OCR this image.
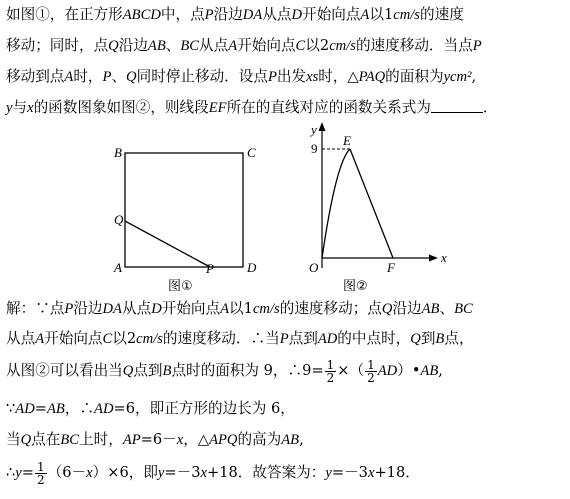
如图①，在正方形ABCD中，点P沿边DA从点D开始向点A以1cm/s的速度
移动；同时，点Q沿边AB、BC从点A开始向点C以2cm/s的速度移动．当点P
移动到点A时，P、Q同时停止移动．设点P出发xs时，△PAQ的面积为ycm²,
y与x的函数图象如图②，则线段EF所在的直线对应的函数关系式为	．
B	C
Q
A	P	D
图①
y
x
E
9
O	F
图②
解：∵点P沿边DA从点D开始向点A以1cm/s的速度移动；点Q沿边AB、BC
从点A开始向点C以2cm/s的速度移动．∴当P点到AD的中点时，Q到B点，
从图②可以看出当Q点到B点时的面积为 9，∴9= $\frac{1}{2}$ ×（ $\frac{1}{2}$ AD）•AB,
∵AD=AB，∴AD=6，即正方形的边长为 6，
当Q点在BC上时，AP=6－x，△APQ的高为AB,
∴y= $\frac{1}{2} (6-x)\times 6$，即y=－3x+18．故答案为：y=－3x+18．
